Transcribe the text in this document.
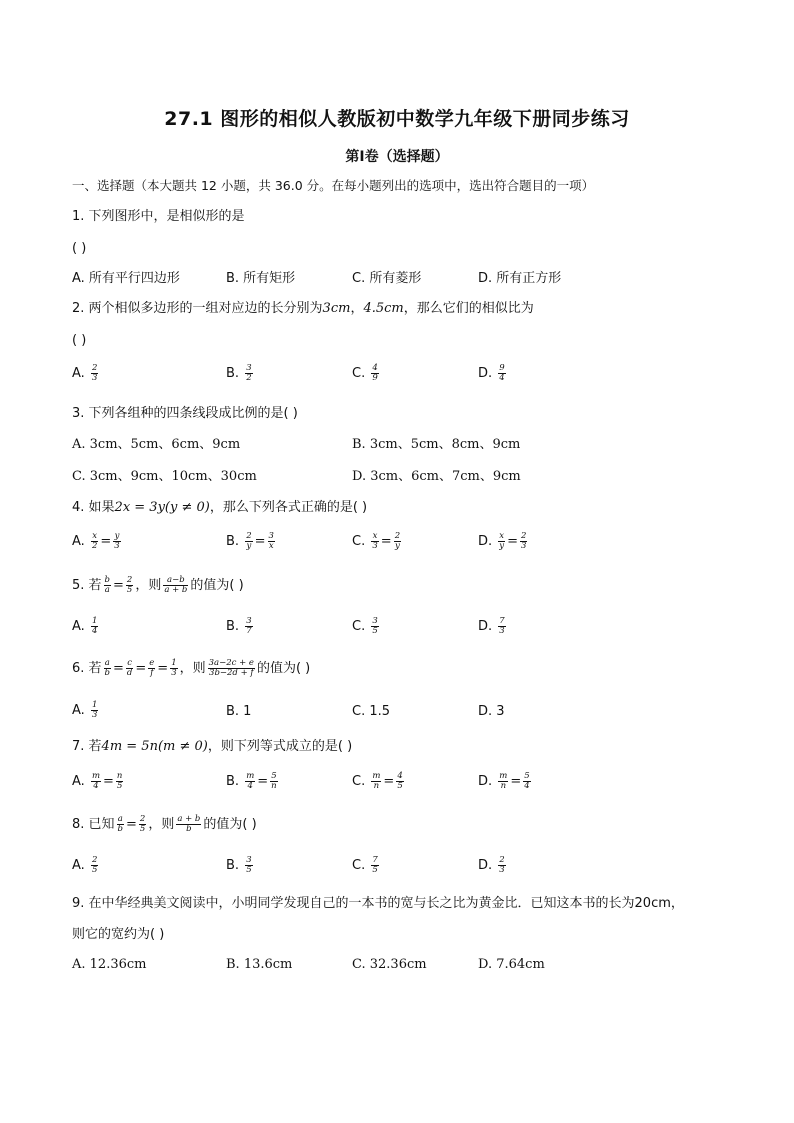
27.1 图形的相似人教版初中数学九年级下册同步练习
第Ⅰ卷（选择题）
一、选择题（本大题共 12 小题，共 36.0 分。在每小题列出的选项中，选出符合题目的一项）
1. 下列图形中，是相似形的是
( )
A. 所有平行四边形	B. 所有矩形	C. 所有菱形	D. 所有正方形
2. 两个相似多边形的一组对应边的长分别为3cm，4.5cm，那么它们的相似比为
( )
A. $\frac{2}{3}$	B. $\frac{3}{2}$	C. $\frac{4}{9}$	D. $\frac{9}{4}$
3. 下列各组种的四条线段成比例的是( )
A. 3cm、5cm、6cm、9cm	B. 3cm、5cm、8cm、9cm
C. 3cm、9cm、10cm、30cm	D. 3cm、6cm、7cm、9cm
4. 如果2x = 3y(y ≠ 0)，那么下列各式正确的是( )
A. $\frac{x}{2} = \frac{y}{3}$	B. $\frac{2}{y} = \frac{3}{x}$	C. $\frac{x}{3} = \frac{2}{y}$	D. $\frac{x}{y} = \frac{2}{3}$
5. 若 $\frac{b}{a} = \frac{2}{5}$ ，则 $\frac{a-b}{a + b}$ 的值为( )
A. $\frac{1}{4}$	B. $\frac{3}{7}$	C. $\frac{3}{5}$	D. $\frac{7}{3}$
6. 若 $\frac{a}{b} = \frac{c}{d} = \frac{e}{f} = \frac{1}{3}$ ，则 $\frac{3a-2c + e}{3b-2d + f}$ 的值为( )
A. $\frac{1}{3}$	B. 1	C. 1.5	D. 3
7. 若4m = 5n(m ≠ 0)，则下列等式成立的是( )
A. $\frac{m}{4} = \frac{n}{5}$	B. $\frac{m}{4} = \frac{5}{n}$	C. $\frac{m}{n} = \frac{4}{5}$	D. $\frac{m}{n} = \frac{5}{4}$
8. 已知 $\frac{a}{b} = \frac{2}{5}$ ，则 $\frac{a + b}{b}$ 的值为( )
A. $\frac{2}{5}$	B. $\frac{3}{5}$	C. $\frac{7}{5}$	D. $\frac{2}{3}$
9. 在中华经典美文阅读中，小明同学发现自己的一本书的宽与长之比为黄金比．已知这本书的长为20cm，
则它的宽约为( )
A. 12.36cm	B. 13.6cm	C. 32.36cm	D. 7.64cm
